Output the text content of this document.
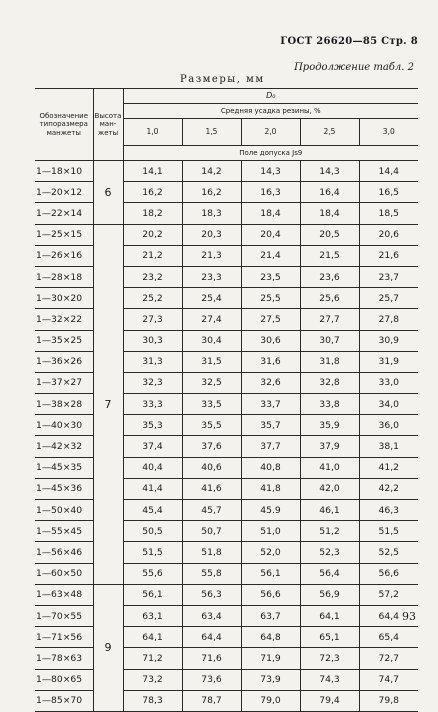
ГОСТ 26620—85 Стр. 8
Продолжение табл. 2
Размеры, мм
Обозначение типоразмера манжеты	Высота ман-жеты	D₀				
		Средняя усадка резины, %				
		1,0	1,5	2,0	2,5	3,0
		Поле допуска Js9				
1—18×10	6	14,1	14,2	14,3	14,3	14,4
1—20×12		16,2	16,2	16,3	16,4	16,5
1—22×14		18,2	18,3	18,4	18,4	18,5
1—25×15	7	20,2	20,3	20,4	20,5	20,6
1—26×16		21,2	21,3	21,4	21,5	21,6
1—28×18		23,2	23,3	23,5	23,6	23,7
1—30×20		25,2	25,4	25,5	25,6	25,7
1—32×22		27,3	27,4	27,5	27,7	27,8
1—35×25		30,3	30,4	30,6	30,7	30,9
1—36×26		31,3	31,5	31,6	31,8	31,9
1—37×27		32,3	32,5	32,6	32,8	33,0
1—38×28		33,3	33,5	33,7	33,8	34,0
1—40×30		35,3	35,5	35,7	35,9	36,0
1—42×32		37,4	37,6	37,7	37,9	38,1
1—45×35		40,4	40,6	40,8	41,0	41,2
1—45×36		41,4	41,6	41,8	42,0	42,2
1—50×40		45,4	45,7	45.9	46,1	46,3
1—55×45		50,5	50,7	51,0	51,2	51,5
1—56×46		51,5	51,8	52,0	52,3	52,5
1—60×50		55,6	55,8	56,1	56,4	56,6
1—63×48	9	56,1	56,3	56,6	56,9	57,2
1—70×55		63,1	63,4	63,7	64,1	64,4
1—71×56		64,1	64,4	64,8	65,1	65,4
1—78×63		71,2	71,6	71,9	72,3	72,7
1—80×65		73,2	73,6	73,9	74,3	74,7
1—85×70		78,3	78,7	79,0	79,4	79,8
93
